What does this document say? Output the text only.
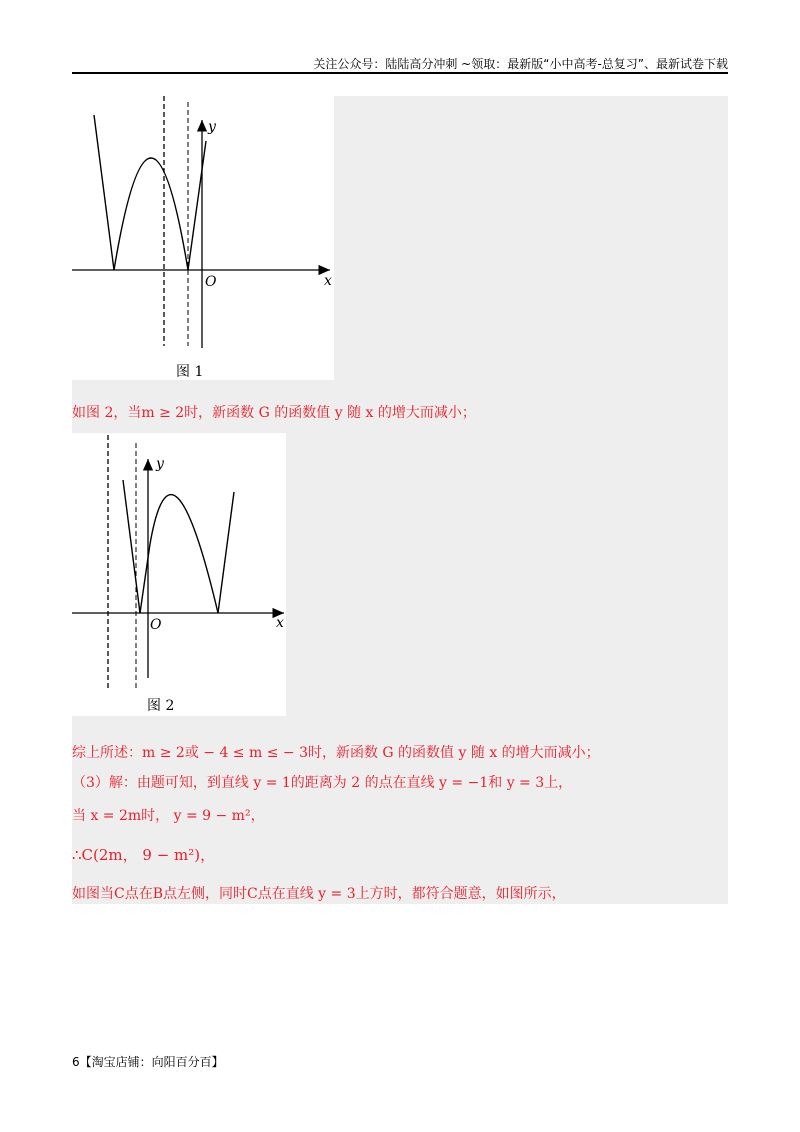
关注公众号：陆陆高分冲刺 ~领取：最新版“小中高考-总复习”、最新试卷下载
y
x
O
图 1
如图 2，当m ≥ 2时，新函数 G 的函数值 y 随 x 的增大而减小；
y
x
O
图 2
综上所述：m ≥ 2或 − 4 ≤ m ≤ − 3时，新函数 G 的函数值 y 随 x 的增大而减小；
（3）解：由题可知，到直线 y = 1的距离为 2 的点在直线 y = −1和 y = 3上，
当 x = 2m时， y = 9 − m²，
∴C(2m， 9 − m²)，
如图当C点在B点左侧，同时C点在直线 y = 3上方时，都符合题意，如图所示，
6【淘宝店铺：向阳百分百】
